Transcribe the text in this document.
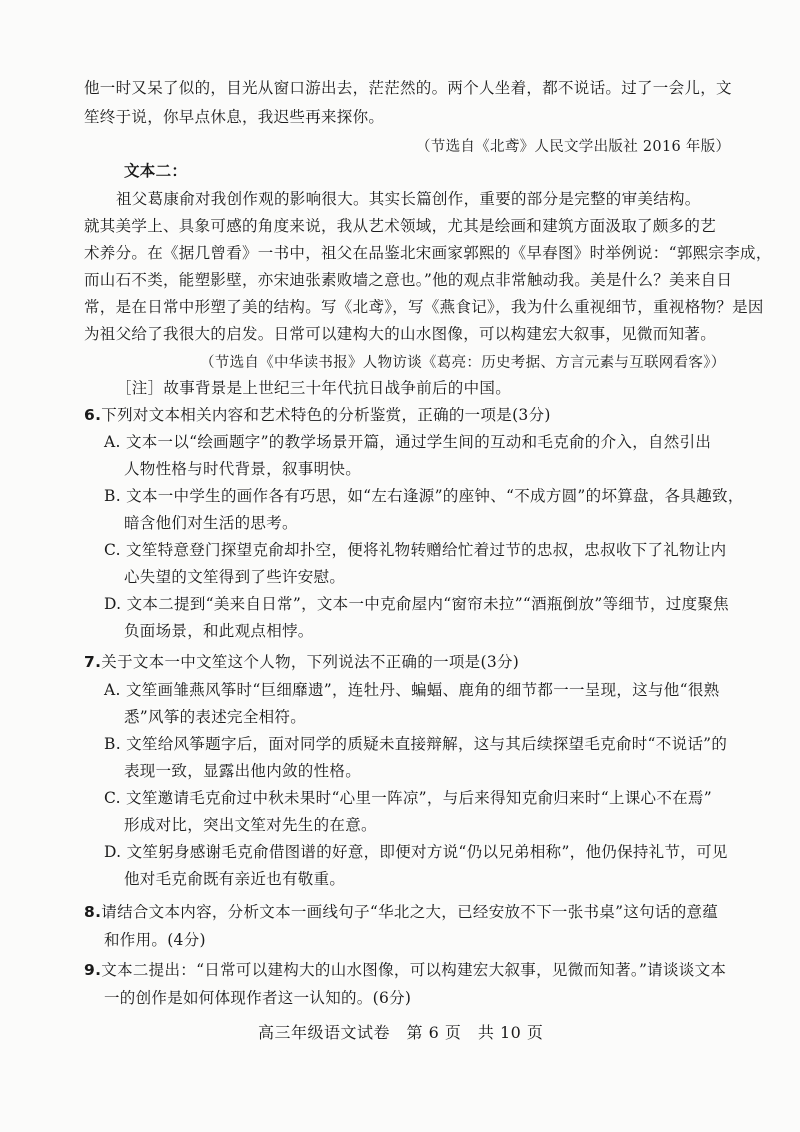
他一时又呆了似的，目光从窗口游出去，茫茫然的。两个人坐着，都不说话。过了一会儿，文
笙终于说，你早点休息，我迟些再来探你。
（节选自《北鸢》人民文学出版社 2016 年版）
文本二：
祖父葛康俞对我创作观的影响很大。其实长篇创作，重要的部分是完整的审美结构。
就其美学上、具象可感的角度来说，我从艺术领域，尤其是绘画和建筑方面汲取了颇多的艺
术养分。在《据几曾看》一书中，祖父在品鉴北宋画家郭熙的《早春图》时举例说：“郭熙宗李成，
而山石不类，能塑影壁，亦宋迪张素败墙之意也。”他的观点非常触动我。美是什么？美来自日
常，是在日常中形塑了美的结构。写《北鸢》，写《燕食记》，我为什么重视细节，重视格物？是因
为祖父给了我很大的启发。日常可以建构大的山水图像，可以构建宏大叙事，见微而知著。
（节选自《中华读书报》人物访谈《葛亮：历史考据、方言元素与互联网看客》）
［注］故事背景是上世纪三十年代抗日战争前后的中国。
6.下列对文本相关内容和艺术特色的分析鉴赏，正确的一项是(3分)
A. 文本一以“绘画题字”的教学场景开篇，通过学生间的互动和毛克俞的介入，自然引出
人物性格与时代背景，叙事明快。
B. 文本一中学生的画作各有巧思，如“左右逢源”的座钟、“不成方圆”的坏算盘，各具趣致，
暗含他们对生活的思考。
C. 文笙特意登门探望克俞却扑空，便将礼物转赠给忙着过节的忠叔，忠叔收下了礼物让内
心失望的文笙得到了些许安慰。
D. 文本二提到“美来自日常”，文本一中克俞屋内“窗帘未拉”“酒瓶倒放”等细节，过度聚焦
负面场景，和此观点相悖。
7.关于文本一中文笙这个人物，下列说法不正确的一项是(3分)
A. 文笙画雏燕风筝时“巨细靡遗”，连牡丹、蝙蝠、鹿角的细节都一一呈现，这与他“很熟
悉”风筝的表述完全相符。
B. 文笙给风筝题字后，面对同学的质疑未直接辩解，这与其后续探望毛克俞时“不说话”的
表现一致，显露出他内敛的性格。
C. 文笙邀请毛克俞过中秋未果时“心里一阵凉”，与后来得知克俞归来时“上课心不在焉”
形成对比，突出文笙对先生的在意。
D. 文笙躬身感谢毛克俞借图谱的好意，即便对方说“仍以兄弟相称”，他仍保持礼节，可见
他对毛克俞既有亲近也有敬重。
8.请结合文本内容，分析文本一画线句子“华北之大，已经安放不下一张书桌”这句话的意蕴
和作用。(4分)
9.文本二提出：“日常可以建构大的山水图像，可以构建宏大叙事，见微而知著。”请谈谈文本
一的创作是如何体现作者这一认知的。(6分)
高三年级语文试卷　第 6 页　共 10 页
